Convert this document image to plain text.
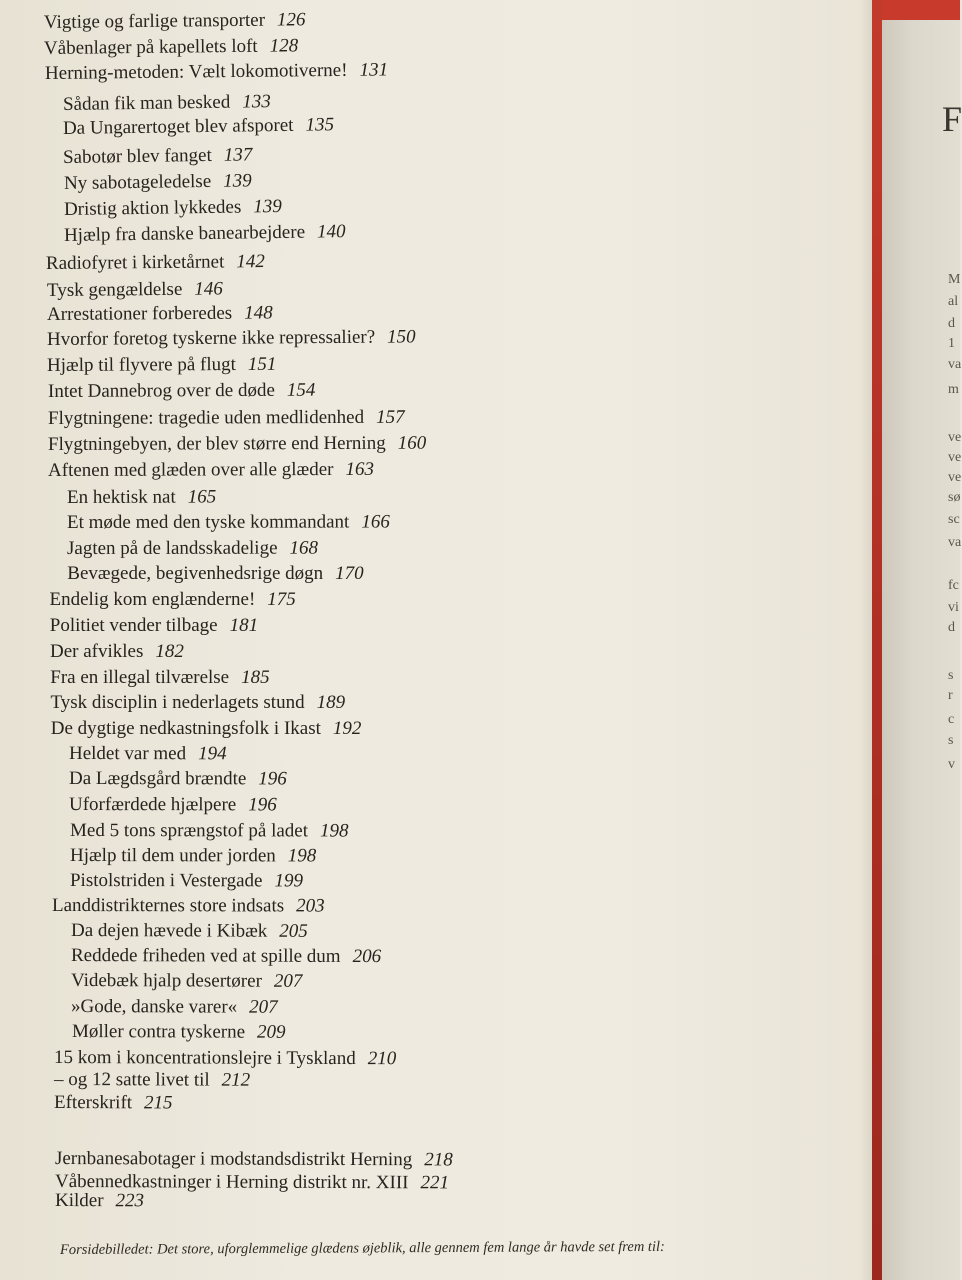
F
M
al
d
1
va
m
ve
ve
ve
sø
sc
va
fc
vi
d
s
r
c
s
v
Vigtige og farlige transporter 126
Våbenlager på kapellets loft 128
Herning-metoden: Vælt lokomotiverne! 131
Sådan fik man besked 133
Da Ungarertoget blev afsporet 135
Sabotør blev fanget 137
Ny sabotageledelse 139
Dristig aktion lykkedes 139
Hjælp fra danske banearbejdere 140
Radiofyret i kirketårnet 142
Tysk gengældelse 146
Arrestationer forberedes 148
Hvorfor foretog tyskerne ikke repressalier? 150
Hjælp til flyvere på flugt 151
Intet Dannebrog over de døde 154
Flygtningene: tragedie uden medlidenhed 157
Flygtningebyen, der blev større end Herning 160
Aftenen med glæden over alle glæder 163
En hektisk nat 165
Et møde med den tyske kommandant 166
Jagten på de landsskadelige 168
Bevægede, begivenhedsrige døgn 170
Endelig kom englænderne! 175
Politiet vender tilbage 181
Der afvikles 182
Fra en illegal tilværelse 185
Tysk disciplin i nederlagets stund 189
De dygtige nedkastningsfolk i Ikast 192
Heldet var med 194
Da Lægdsgård brændte 196
Uforfærdede hjælpere 196
Med 5 tons sprængstof på ladet 198
Hjælp til dem under jorden 198
Pistolstriden i Vestergade 199
Landdistrikternes store indsats 203
Da dejen hævede i Kibæk 205
Reddede friheden ved at spille dum 206
Videbæk hjalp desertører 207
»Gode, danske varer« 207
Møller contra tyskerne 209
15 kom i koncentrationslejre i Tyskland 210
– og 12 satte livet til 212
Efterskrift 215
Jernbanesabotager i modstandsdistrikt Herning 218
Våbennedkastninger i Herning distrikt nr. XIII 221
Kilder 223
Forsidebilledet: Det store, uforglemmelige glædens øjeblik, alle gennem fem lange år havde set frem til:
